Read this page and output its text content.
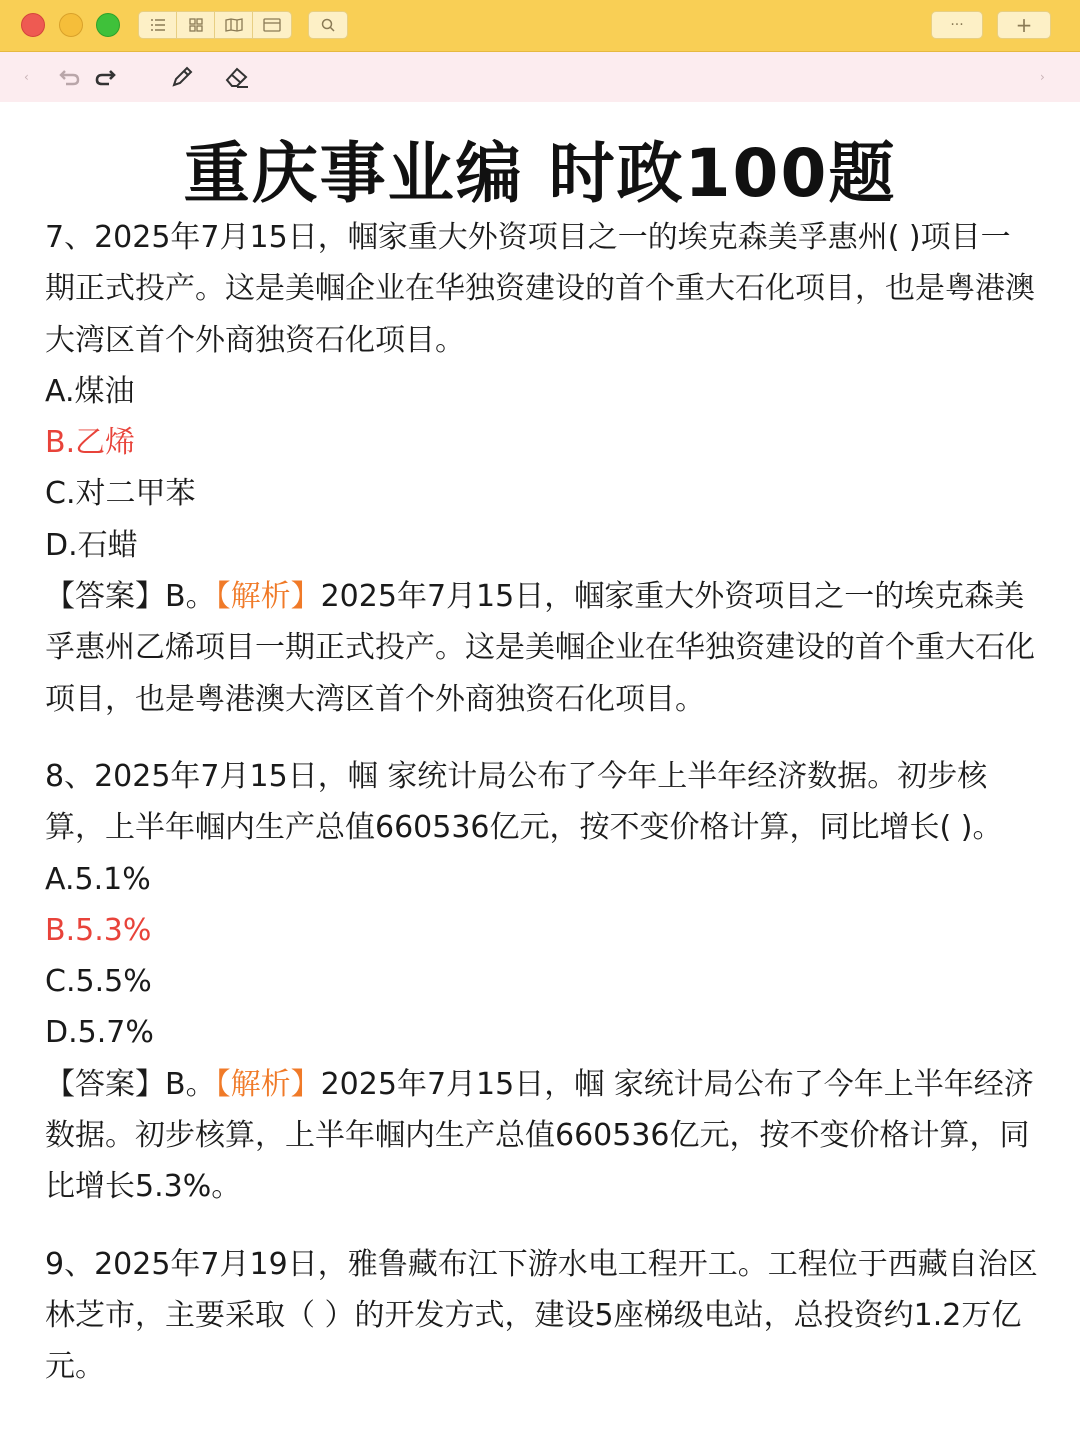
···	+
‹	›
重庆事业编 时政100题

7、2025年7月15日，帼家重大外资项目之一的埃克森美孚惠州( )项目一期正式投产。这是美帼企业在华独资建设的首个重大石化项目，也是粤港澳大湾区首个外商独资石化项目。

A.煤油

B.乙烯

C.对二甲苯

D.石蜡

【答案】B。【解析】2025年7月15日，帼家重大外资项目之一的埃克森美孚惠州乙烯项目一期正式投产。这是美帼企业在华独资建设的首个重大石化项目，也是粤港澳大湾区首个外商独资石化项目。

8、2025年7月15日，帼 家统计局公布了今年上半年经济数据。初步核算，上半年帼内生产总值660536亿元，按不变价格计算，同比增长( )。

A.5.1%

B.5.3%

C.5.5%

D.5.7%

【答案】B。【解析】2025年7月15日，帼 家统计局公布了今年上半年经济数据。初步核算，上半年帼内生产总值660536亿元，按不变价格计算，同比增长5.3%。

9、2025年7月19日，雅鲁藏布江下游水电工程开工。工程位于西藏自治区林芝市，主要采取（ ）的开发方式，建设5座梯级电站，总投资约1.2万亿元。
